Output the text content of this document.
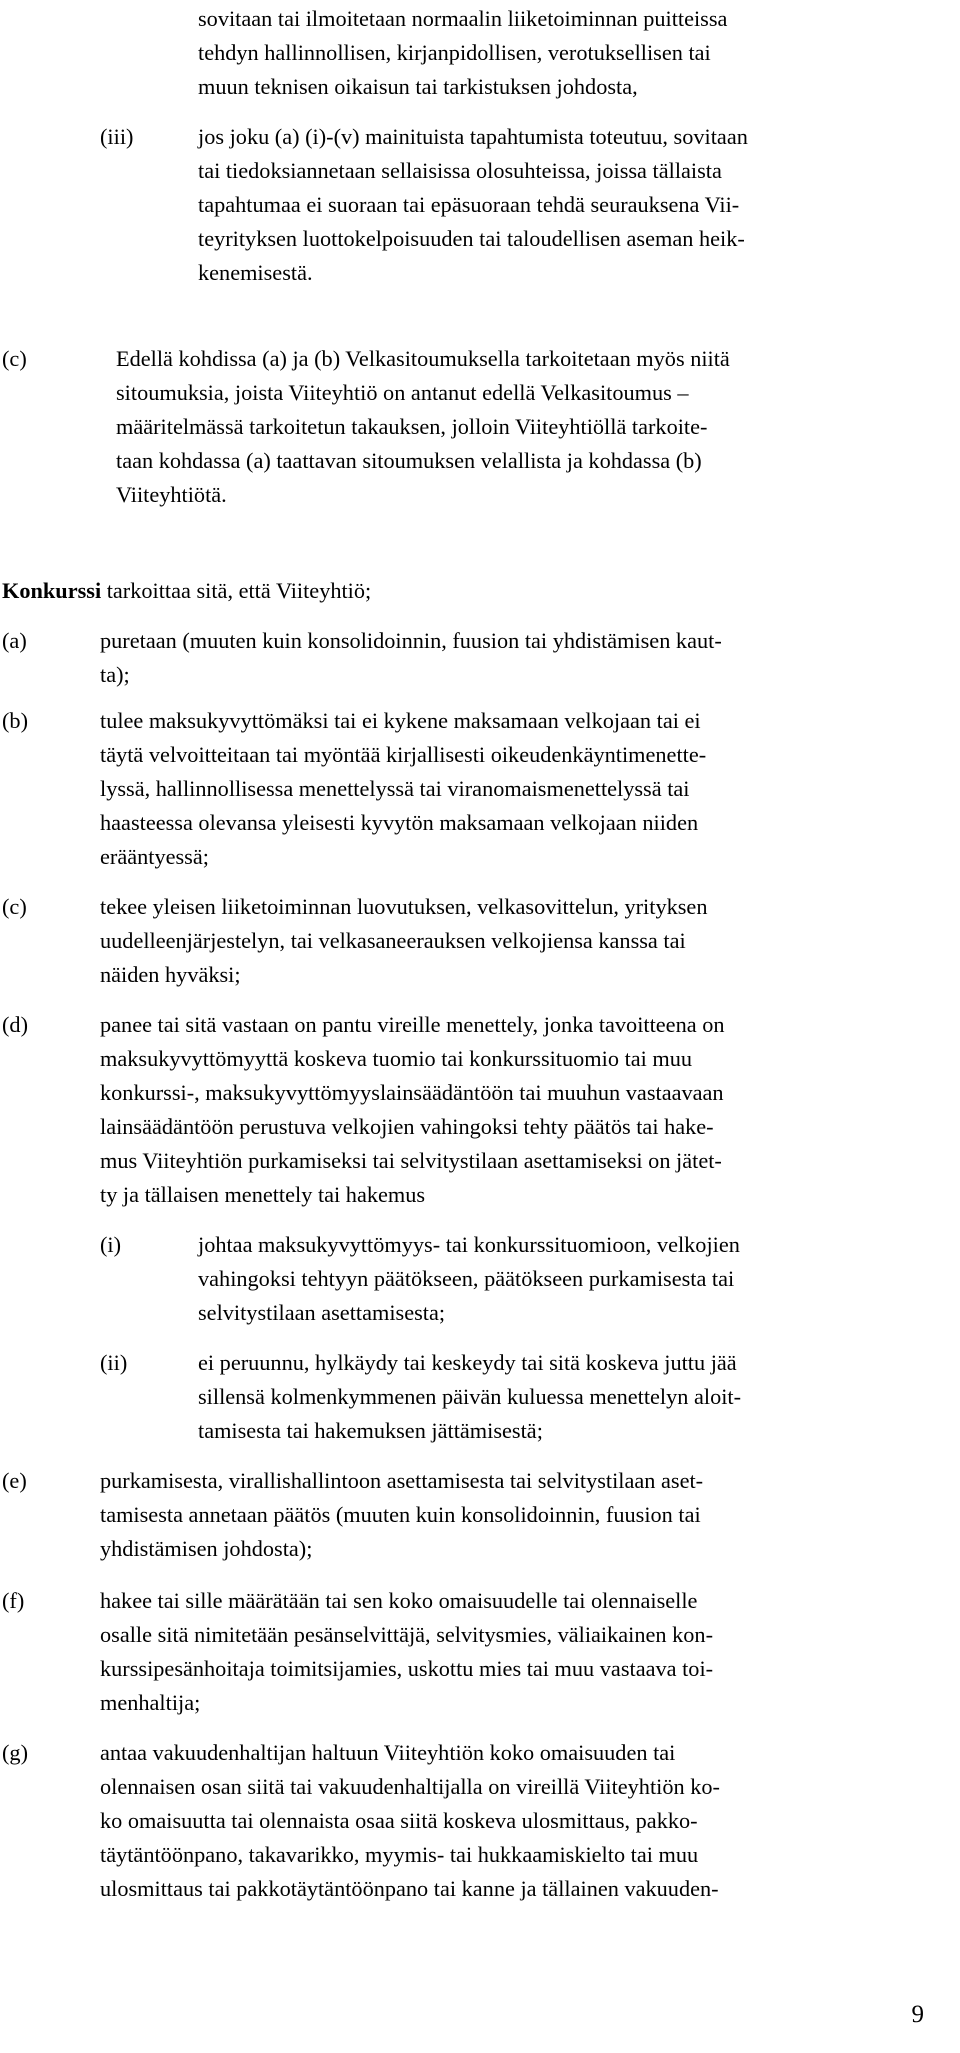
sovitaan tai ilmoitetaan normaalin liiketoiminnan puitteissa

tehdyn hallinnollisen, kirjanpidollisen, verotuksellisen tai

muun teknisen oikaisun tai tarkistuksen johdosta,

(iii)	jos joku (a) (i)-(v) mainituista tapahtumista toteutuu, sovitaan

tai tiedoksiannetaan sellaisissa olosuhteissa, joissa tällaista

tapahtumaa ei suoraan tai epäsuoraan tehdä seurauksena Vii-

teyrityksen luottokelpoisuuden tai taloudellisen aseman heik-

kenemisestä.

(c)	Edellä kohdissa (a) ja (b) Velkasitoumuksella tarkoitetaan myös niitä

sitoumuksia, joista Viiteyhtiö on antanut edellä Velkasitoumus –

määritelmässä tarkoitetun takauksen, jolloin Viiteyhtiöllä tarkoite-

taan kohdassa (a) taattavan sitoumuksen velallista ja kohdassa (b)

Viiteyhtiötä.

Konkurssi tarkoittaa sitä, että Viiteyhtiö;
(a)	puretaan (muuten kuin konsolidoinnin, fuusion tai yhdistämisen kaut-

ta);

(b)	tulee maksukyvyttömäksi tai ei kykene maksamaan velkojaan tai ei

täytä velvoitteitaan tai myöntää kirjallisesti oikeudenkäyntimenette-

lyssä, hallinnollisessa menettelyssä tai viranomaismenettelyssä tai

haasteessa olevansa yleisesti kyvytön maksamaan velkojaan niiden

erääntyessä;

(c)	tekee yleisen liiketoiminnan luovutuksen, velkasovittelun, yrityksen

uudelleenjärjestelyn, tai velkasaneerauksen velkojiensa kanssa tai

näiden hyväksi;

(d)	panee tai sitä vastaan on pantu vireille menettely, jonka tavoitteena on

maksukyvyttömyyttä koskeva tuomio tai konkurssituomio tai muu

konkurssi-, maksukyvyttömyyslainsäädäntöön tai muuhun vastaavaan

lainsäädäntöön perustuva velkojien vahingoksi tehty päätös tai hake-

mus Viiteyhtiön purkamiseksi tai selvitystilaan asettamiseksi on jätet-

ty ja tällaisen menettely tai hakemus

(i)	johtaa maksukyvyttömyys- tai konkurssituomioon, velkojien

vahingoksi tehtyyn päätökseen, päätökseen purkamisesta tai

selvitystilaan asettamisesta;

(ii)	ei peruunnu, hylkäydy tai keskeydy tai sitä koskeva juttu jää

sillensä kolmenkymmenen päivän kuluessa menettelyn aloit-

tamisesta tai hakemuksen jättämisestä;

(e)	purkamisesta, virallishallintoon asettamisesta tai selvitystilaan aset-

tamisesta annetaan päätös (muuten kuin konsolidoinnin, fuusion tai

yhdistämisen johdosta);

(f)	hakee tai sille määrätään tai sen koko omaisuudelle tai olennaiselle

osalle sitä nimitetään pesänselvittäjä, selvitysmies, väliaikainen kon-

kurssipesänhoitaja toimitsijamies, uskottu mies tai muu vastaava toi-

menhaltija;

(g)	antaa vakuudenhaltijan haltuun Viiteyhtiön koko omaisuuden tai

olennaisen osan siitä tai vakuudenhaltijalla on vireillä Viiteyhtiön ko-

ko omaisuutta tai olennaista osaa siitä koskeva ulosmittaus, pakko-

täytäntöönpano, takavarikko, myymis- tai hukkaamiskielto tai muu

ulosmittaus tai pakkotäytäntöönpano tai kanne ja tällainen vakuuden-

9
